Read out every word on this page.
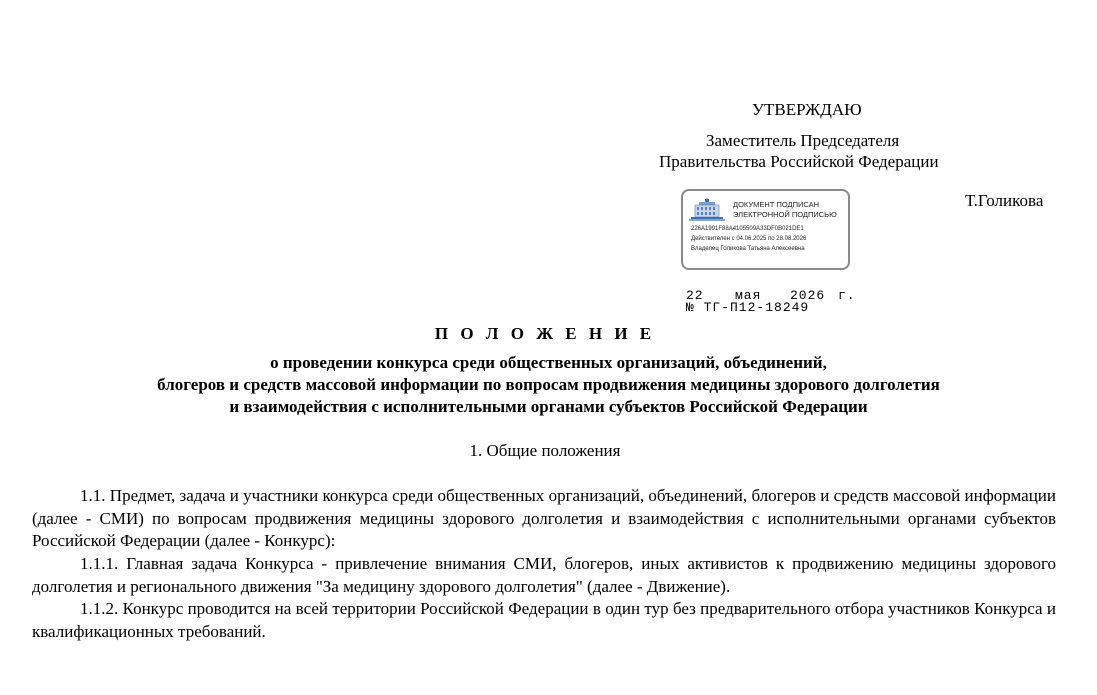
УТВЕРЖДАЮ
Заместитель Председателя
Правительства Российской Федерации
Т.Голикова
ДОКУМЕНТ ПОДПИСАН ЭЛЕКТРОННОЙ ПОДПИСЬЮ
226A1991F88A4105509A33DF0B021DE1
Действителен с 04.06.2025 по 28.08.2026
Владелец Голикова Татьяна Алексеевна
22 мая 2026 г.
№ ТГ-П12-18249
П О Л О Ж Е Н И Е
о проведении конкурса среди общественных организаций, объединений,
блогеров и средств массовой информации по вопросам продвижения медицины здорового долголетия
и взаимодействия с исполнительными органами субъектов Российской Федерации
1. Общие положения

1.1. Предмет, задача и участники конкурса среди общественных организаций, объединений, блогеров и средств массовой информации (далее - СМИ) по вопросам продвижения медицины здорового долголетия и взаимодействия с исполнительными органами субъектов Российской Федерации (далее - Конкурс):

1.1.1. Главная задача Конкурса - привлечение внимания СМИ, блогеров, иных активистов к продвижению медицины здорового долголетия и регионального движения "За медицину здорового долголетия" (далее - Движение).

1.1.2. Конкурс проводится на всей территории Российской Федерации в один тур без предварительного отбора участников Конкурса и квалификационных требований.
